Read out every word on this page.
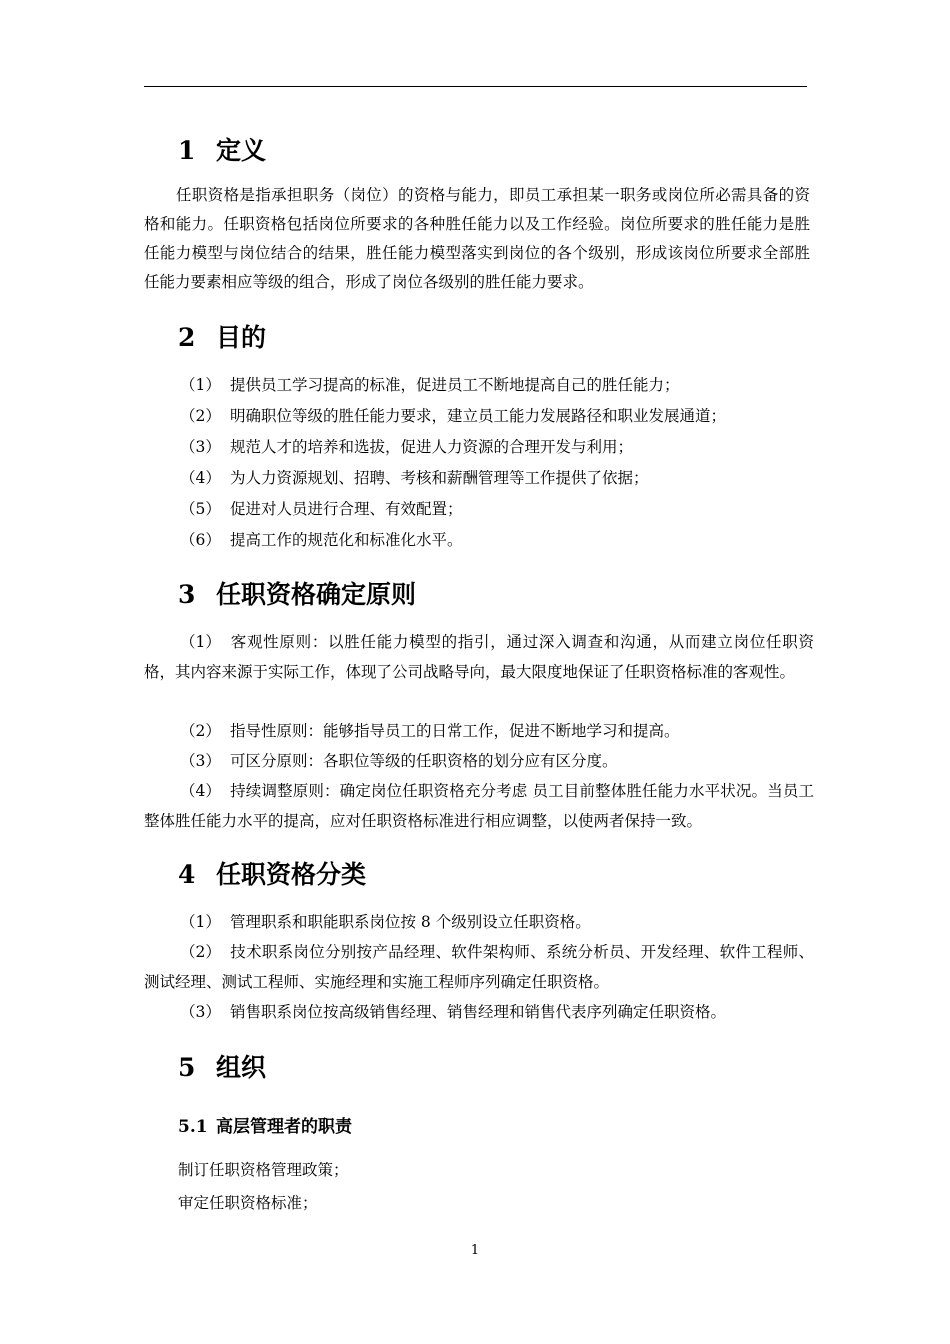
1 定义
任职资格是指承担职务（岗位）的资格与能力，即员工承担某一职务或岗位所必需具备的资格和能力。任职资格包括岗位所要求的各种胜任能力以及工作经验。岗位所要求的胜任能力是胜任能力模型与岗位结合的结果，胜任能力模型落实到岗位的各个级别，形成该岗位所要求全部胜任能力要素相应等级的组合，形成了岗位各级别的胜任能力要求。
2 目的
（1） 提供员工学习提高的标准，促进员工不断地提高自己的胜任能力；
（2） 明确职位等级的胜任能力要求，建立员工能力发展路径和职业发展通道；
（3） 规范人才的培养和选拔，促进人力资源的合理开发与利用；
（4） 为人力资源规划、招聘、考核和薪酬管理等工作提供了依据；
（5） 促进对人员进行合理、有效配置；
（6） 提高工作的规范化和标准化水平。
3 任职资格确定原则
（1） 客观性原则：以胜任能力模型的指引，通过深入调查和沟通，从而建立岗位任职资格，其内容来源于实际工作，体现了公司战略导向，最大限度地保证了任职资格标准的客观性。
（2） 指导性原则：能够指导员工的日常工作，促进不断地学习和提高。
（3） 可区分原则：各职位等级的任职资格的划分应有区分度。
（4） 持续调整原则：确定岗位任职资格充分考虑 员工目前整体胜任能力水平状况。当员工整体胜任能力水平的提高，应对任职资格标准进行相应调整，以使两者保持一致。
4 任职资格分类
（1） 管理职系和职能职系岗位按 8 个级别设立任职资格。
（2） 技术职系岗位分别按产品经理、软件架构师、系统分析员、开发经理、软件工程师、测试经理、测试工程师、实施经理和实施工程师序列确定任职资格。
（3） 销售职系岗位按高级销售经理、销售经理和销售代表序列确定任职资格。
5 组织
5.1 高层管理者的职责
制订任职资格管理政策；
审定任职资格标准；
1
